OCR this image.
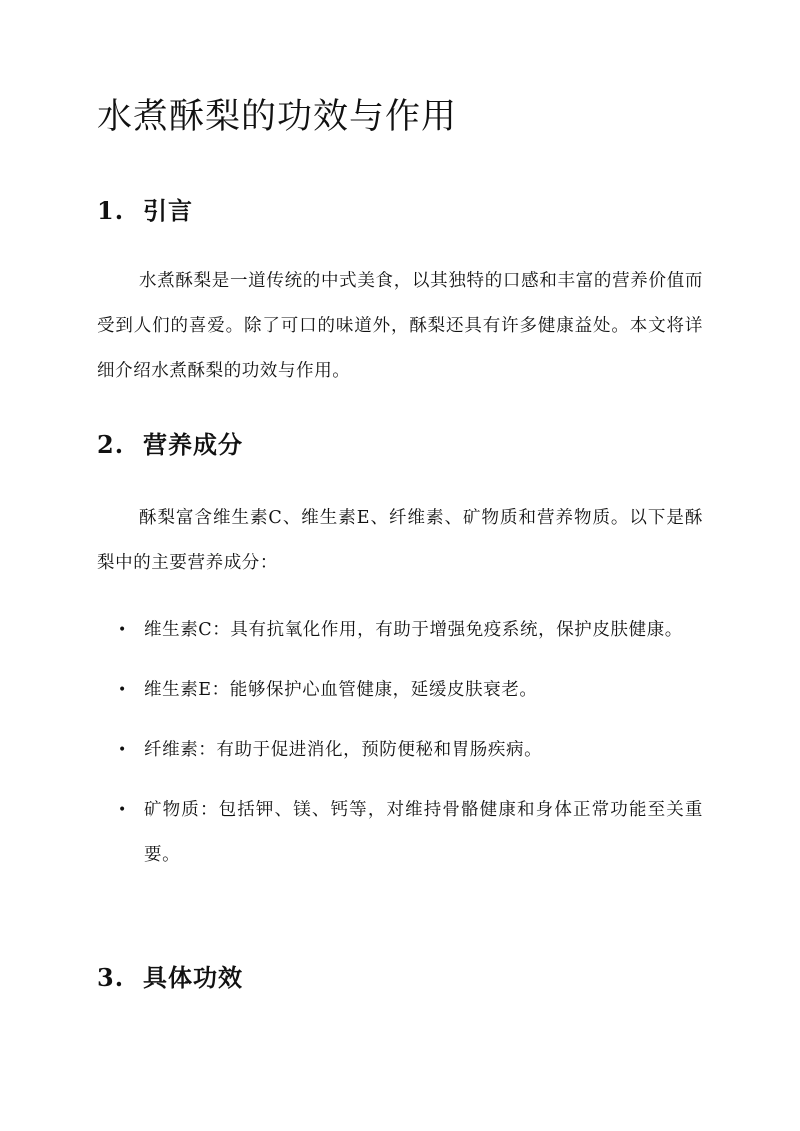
水煮酥梨的功效与作用
1. 引言

水煮酥梨是一道传统的中式美食，以其独特的口感和丰富的营养价值而受到人们的喜爱。除了可口的味道外，酥梨还具有许多健康益处。本文将详细介绍水煮酥梨的功效与作用。

2. 营养成分

酥梨富含维生素C、维生素E、纤维素、矿物质和营养物质。以下是酥梨中的主要营养成分：

• 维生素C：具有抗氧化作用，有助于增强免疫系统，保护皮肤健康。
• 维生素E：能够保护心血管健康，延缓皮肤衰老。
• 纤维素：有助于促进消化，预防便秘和胃肠疾病。
• 矿物质：包括钾、镁、钙等，对维持骨骼健康和身体正常功能至关重要。
3. 具体功效
